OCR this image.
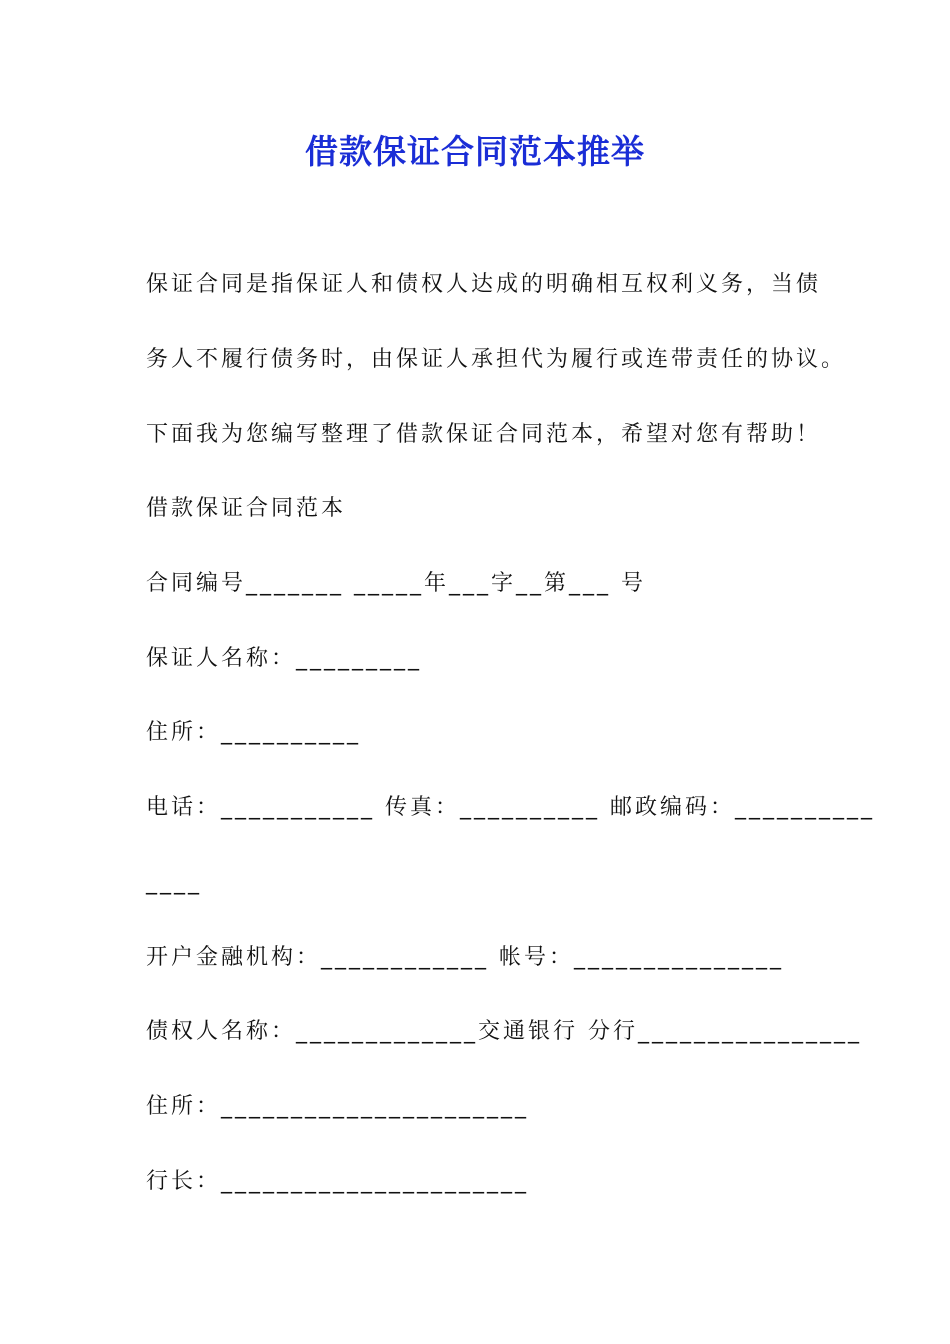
借款保证合同范本推举
保证合同是指保证人和债权人达成的明确相互权利义务，当债
务人不履行债务时，由保证人承担代为履行或连带责任的协议。
下面我为您编写整理了借款保证合同范本，希望对您有帮助！
借款保证合同范本
合同编号_______ _____年___字__第___ 号
保证人名称：_________
住所：__________
电话：___________ 传真：__________ 邮政编码：__________
____
开户金融机构：____________ 帐号：_______________
债权人名称：_____________交通银行 分行________________
住所：______________________
行长：______________________
